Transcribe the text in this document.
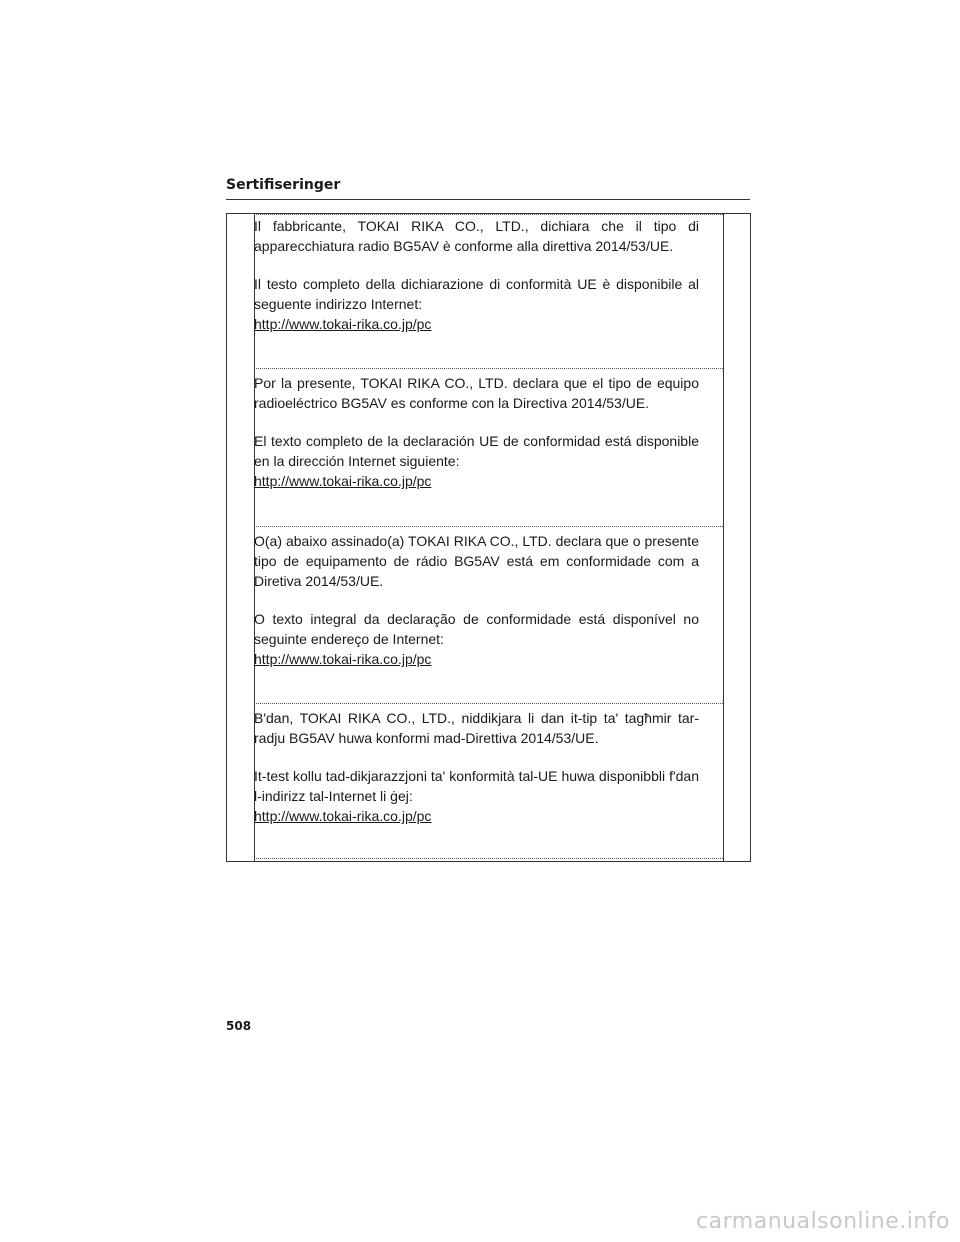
Sertifiseringer

Il fabbricante, TOKAI RIKA CO., LTD., dichiara che il tipo di apparecchiatura radio BG5AV è conforme alla direttiva 2014/53/UE.

Il testo completo della dichiarazione di conformità UE è disponibile al seguente indirizzo Internet:

http://www.tokai-rika.co.jp/pc

Por la presente, TOKAI RIKA CO., LTD. declara que el tipo de equipo radioeléctrico BG5AV es conforme con la Directiva 2014/53/UE.

El texto completo de la declaración UE de conformidad está disponible en la dirección Internet siguiente:

http://www.tokai-rika.co.jp/pc

O(a) abaixo assinado(a) TOKAI RIKA CO., LTD. declara que o presente tipo de equipamento de rádio BG5AV está em conformidade com a Diretiva 2014/53/UE.

O texto integral da declaração de conformidade está disponível no seguinte endereço de Internet:

http://www.tokai-rika.co.jp/pc

B'dan, TOKAI RIKA CO., LTD., niddikjara li dan it-tip ta' tagħmir tar-radju BG5AV huwa konformi mad-Direttiva 2014/53/UE.

It-test kollu tad-dikjarazzjoni ta' konformità tal-UE huwa disponibbli f'dan l-indirizz tal-Internet li ġej:

http://www.tokai-rika.co.jp/pc
508
carmanualsonline.info
